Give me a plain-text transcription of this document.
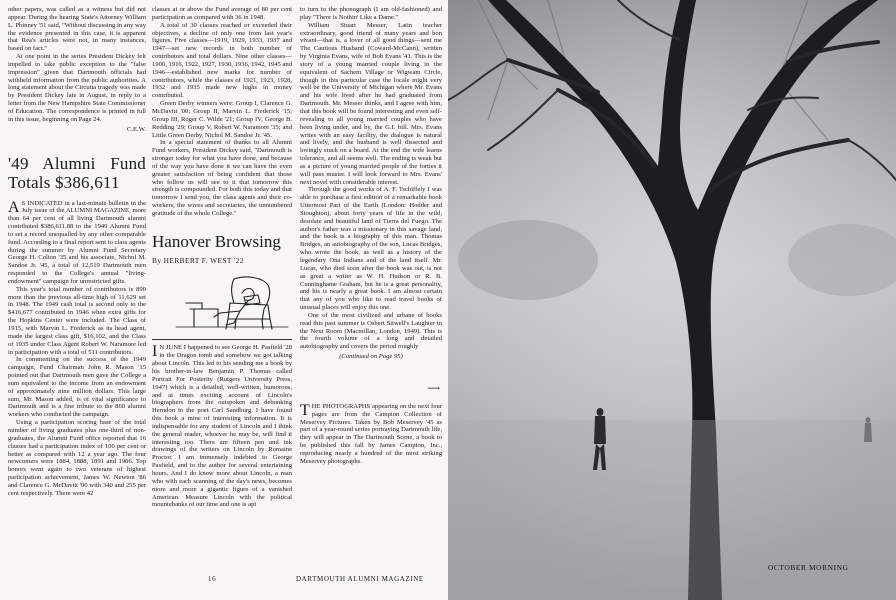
other papers, was called as a witness but did not appear. During the hearing State's Attorney William L. Phinney '51 said, "Without discussing in any way the evidence presented in this case, it is apparent that Rea's articles were not, in many instances, based on fact."

At one point in the series President Dickey felt impelled to take public exception to the "false impression" given that Dartmouth officials had withheld information from the public authorities. A long statement about the Circutta tragedy was made by President Dickey late in August, in reply to a letter from the New Hampshire State Commissioner of Education. The correspondence is printed in full in this issue, beginning on Page 24.

C.E.W.
'49 Alumni Fund Totals $386,611

A S INDICATED in a last-minute bulletin in the July issue of the ALUMNI MAGAZINE, more than 64 per cent of all living Dartmouth alumni contributed $386,611.88 to the 1949 Alumni Fund to set a record unequalled by any other comparable fund. According to a final report sent to class agents during the summer by Alumni Fund Secretary George H. Colton '35 and his associate, Nichol M. Sandoe Jr. '45, a total of 12,519 Dartmouth men responded to the College's annual "living-endowment" campaign for unrestricted gifts.

This year's total number of contributors is 890 more than the previous all-time high of 11,629 set in 1948. The 1949 cash total is second only to the $416,677 contributed in 1946 when extra gifts for the Hopkins Center were included. The Class of 1915, with Marvin L. Frederick as its head agent, made the largest class gift, $16,102, and the Class of 1935 under Class Agent Robert W. Naramore led in participation with a total of 511 contributors.

In commenting on the success of the 1949 campaign, Fund Chairman John R. Mason '15 pointed out that Dartmouth men gave the College a sum equivalent to the income from an endowment of approximately nine million dollars. This large sum, Mr. Mason added, is of vital significance to Dartmouth and is a fine tribute to the 860 alumni workers who conducted the campaign.

Using a participation scoring base of the total number of living graduates plus one-third of non-graduates, the Alumni Fund office reported that 16 classes had a participation index of 100 per cent or better as compared with 12 a year ago. The four newcomers were 1884, 1888, 1891 and 1906. Top honors went again to two veterans of highest participation achievement, James W. Newton '86 and Clarence G. McDavitt '00 with 340 and 255 per cent respectively. There were 42

classes at or above the Fund average of 80 per cent participation as compared with 36 in 1948.

A total of 30 classes reached or exceeded their objectives, a decline of only one from last year's figures. Five classes—1919, 1929, 1933, 1937 and 1947—set new records in both number of contributors and total dollars. Nine other classes—1900, 1916, 1922, 1927, 1930, 1936, 1942, 1945 and 1946—established new marks for number of contributors, while the classes of 1921, 1923, 1928, 1932 and 1935 made new highs in money contributed.

Green Derby winners were: Group I, Clarence G. McDavitt '00; Group II, Marvin L. Frederick '15; Group III, Roger C. Wilde '21; Group IV, George B. Redding '29; Group V, Robert W. Naramore '35; and Little Green Derby, Nichol M. Sandoe Jr. '45.

In a special statement of thanks to all Alumni Fund workers, President Dickey said, "Dartmouth is stronger today for what you have done, and because of the way you have done it we can have the even greater satisfaction of being confident that those who follow us will see to it that tomorrow this strength is compounded. For both this today and that tomorrow I send you, the class agents and their co-workers, the wives and secretaries, the unnumbered gratitude of the whole College."

Hanover Browsing
By HERBERT F. WEST '22

I N JUNE I happened to see George H. Pasfield '28 in the Dragon tomb and somehow we got talking about Lincoln. This led to his sending me a book by his brother-in-law Benjamin P. Thomas called Portrait For Posterity (Rutgers University Press, 1947) which is a detailed, well-written, humorous, and at times exciting account of Lincoln's biographers from the outspoken and debunking Herndon to the poet Carl Sandburg. I have found this book a mine of interesting information. It is indispensable for any student of Lincoln and I think the general reader, whoever he may be, will find it interesting too. There are fifteen pen and ink drawings of the writers on Lincoln by Romaine Proctor. I am immensely indebted to George Pasfield, and to the author for several entertaining hours. And I do know more about Lincoln, a man who with each scanning of the day's news, becomes more and more a gigantic figure of a vanished American. Measure Lincoln with the political mountebanks of our time and one is apt

to turn to the phonograph (I am old-fashioned) and play "There is Nothin' Like a Dame."

William Stuart Messer, Latin teacher extraordinary, good friend of many years and bon vivant—that is, a lover of all good things—sent me The Cautious Husband (Coward-McCann), written by Virginia Evans, wife of Bob Evans '41. This is the story of a young married couple living in the equivalent of Sachem Village or Wigwam Circle, though in this particular case the locale might very well be the University of Michigan where Mr. Evans and his wife lived after he had graduated from Dartmouth. Mr. Messer thinks, and I agree with him, that this book will be found interesting and even self-revealing to all young married couples who have been living under, and by, the G.I. bill. Mrs. Evans writes with an easy facility, the dialogue is natural and lively, and the husband is well dissected and lovingly stuck on a board. At the end the wife learns tolerance, and all seems well. The ending is weak but as a picture of young married people of the forties it will pass muster. I will look forward to Mrs. Evans' next novel with considerable interest.

Through the good works of A. F. Tschiffely I was able to purchase a first edition of a remarkable book Uttermost Part of the Earth (London: Hodder and Stoughton), about forty years of life in the wild, desolate and beautiful land of Tierra del Fuego. The author's father was a missionary in this savage land, and the book is a biography of this man. Thomas Bridges, an autobiography of the son, Lucas Bridges, who wrote the book, as well as a history of the legendary Ona Indians and of the land itself. Mr. Lucas, who died soon after the book was out, is not as great a writer as W. H. Hudson or R. B. Cunninghame Graham, but he is a great personality, and his is nearly a great book. I am almost certain that any of you who like to read travel books of unusual places will enjoy this one.

One of the most civilized and urbane of books read this past summer is Osbert Sitwell's Laughter in the Next Room (Macmillan, London, 1949). This is the fourth volume of a long and detailed autobiography and covers the period roughly

(Continued on Page 95)
⟶

THE PHOTOGRAPHS appearing on the next four pages are from the Campion Collection of Meservey Pictures. Taken by Bob Meservey '45 as part of a year-round series portraying Dartmouth life, they will appear in The Dartmouth Scene, a book to be published this fall by James Campion, Inc., reproducing nearly a hundred of the most striking Meservey photographs.

16	DARTMOUTH ALUMNI MAGAZINE
OCTOBER MORNING
